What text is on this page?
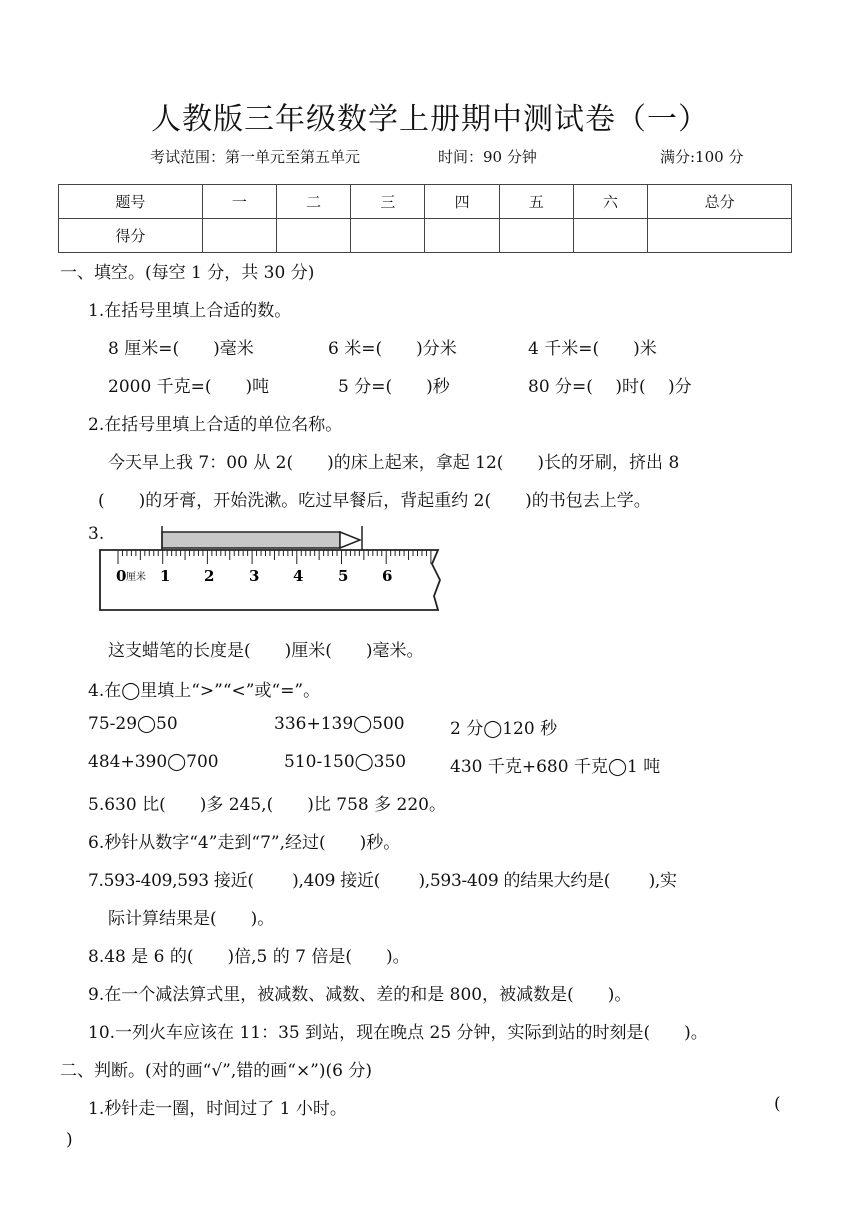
人教版三年级数学上册期中测试卷（一）
考试范围：第一单元至第五单元	时间：90 分钟	满分:100 分
题号	一	二	三	四	五	六	总分
得分							
一、填空。(每空 1 分，共 30 分)
1.在括号里填上合适的数。
8 厘米=(　　)毫米	6 米=(　　)分米	4 千米=(　　)米
2000 千克=(　　)吨	5 分=(　　)秒	80 分=(　 )时(　 )分
2.在括号里填上合适的单位名称。
今天早上我 7：00 从 2(　　)的床上起来，拿起 12(　　)长的牙刷，挤出 8
(　　)的牙膏，开始洗漱。吃过早餐后，背起重约 2(　　)的书包去上学。
3.
0 厘米 1 2 3 4 5 6
这支蜡笔的长度是(　　)厘米(　　)毫米。
4.在◯里填上“>”“<”或“=”。
75-29◯50	336+139◯500	2 分◯120 秒
484+390◯700	510-150◯350	430 千克+680 千克◯1 吨
5.630 比(　　)多 245,(　　)比 758 多 220。
6.秒针从数字“4”走到“7”,经过(　　)秒。
7.593-409,593 接近(　　 ),409 接近(　　 ),593-409 的结果大约是(　　 ),实
际计算结果是(　　)。
8.48 是 6 的(　　)倍,5 的 7 倍是(　　)。
9.在一个减法算式里，被减数、减数、差的和是 800，被减数是(　　)。
10.一列火车应该在 11：35 到站，现在晚点 25 分钟，实际到站的时刻是(　　)。
二、判断。(对的画“√”,错的画“×”)(6 分)
1.秒针走一圈，时间过了 1 小时。	(
)
